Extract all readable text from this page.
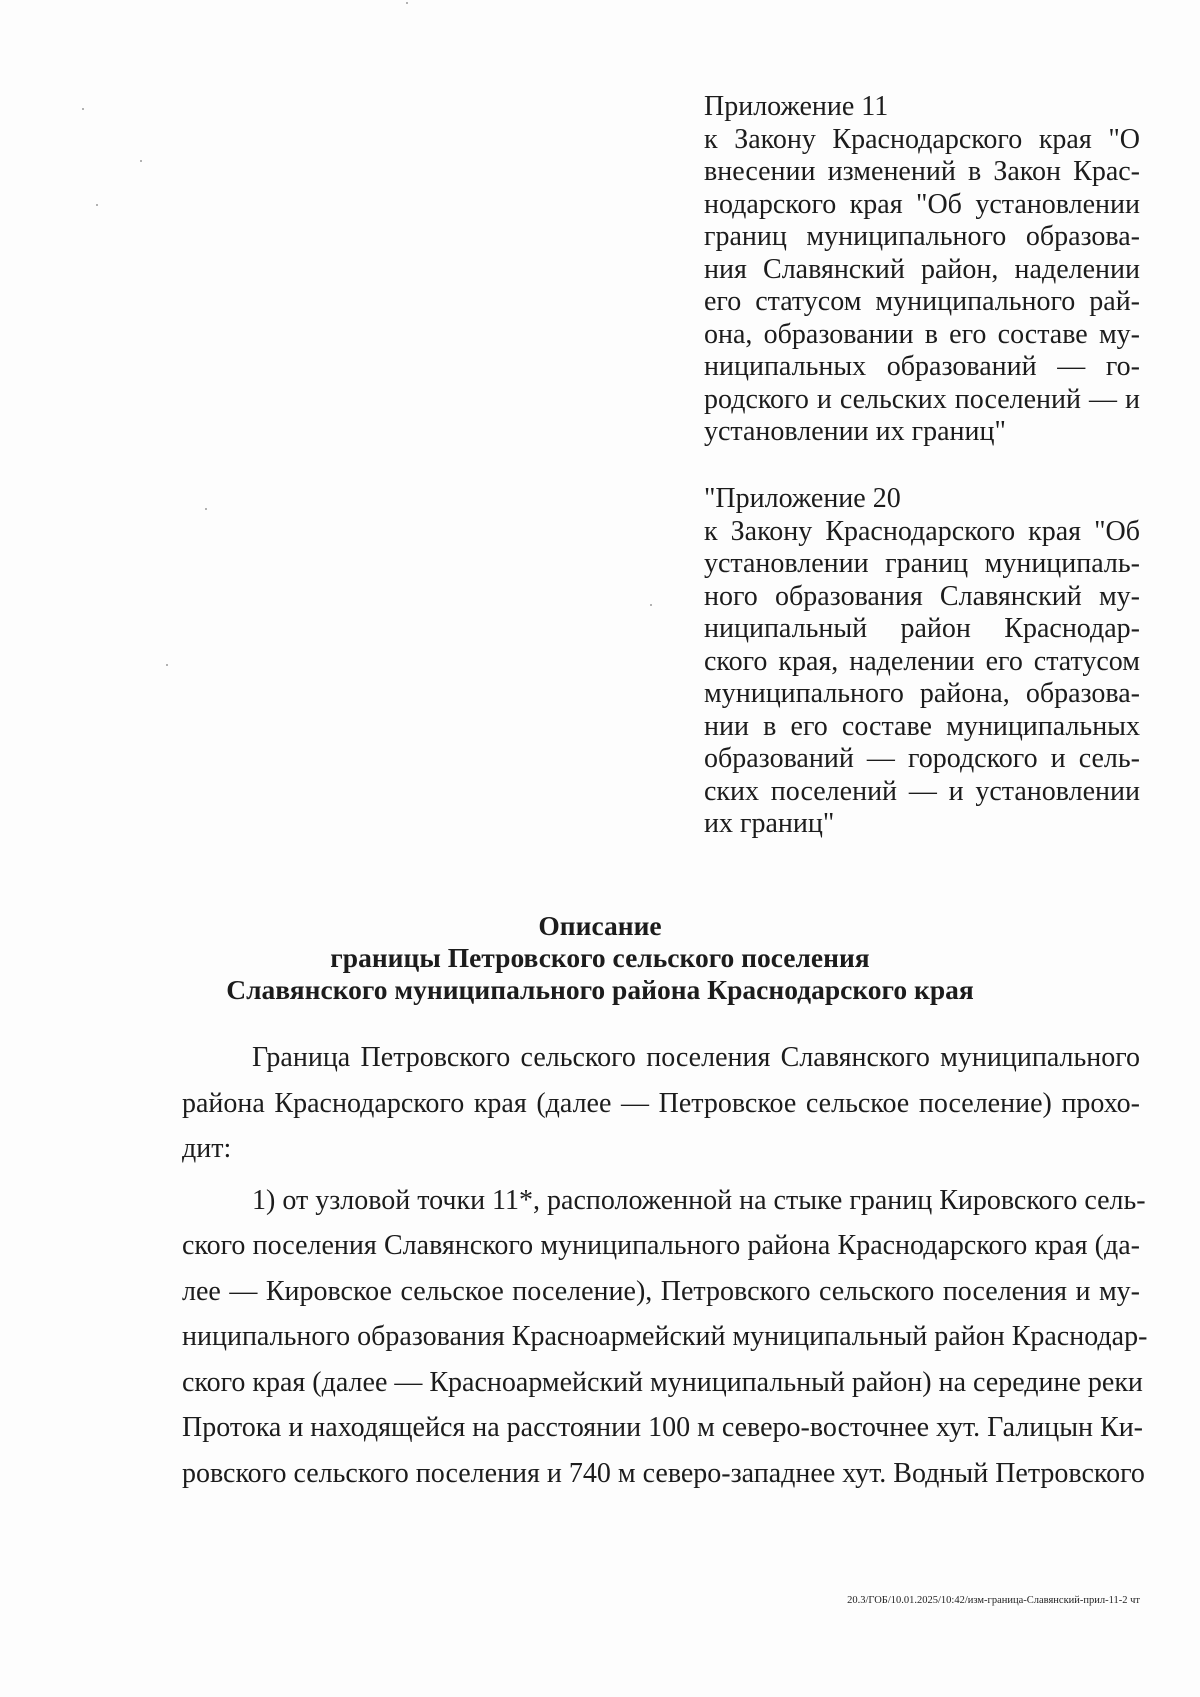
Приложение 11
к Закону Краснодарского края "О
внесении изменений в Закон Крас-
нодарского края "Об установлении
границ муниципального образова-
ния Славянский район, наделении
его статусом муниципального рай-
она, образовании в его составе му-
ниципальных образований — го-
родского и сельских поселений — и
установлении их границ"
"Приложение 20
к Закону Краснодарского края "Об
установлении границ муниципаль-
ного образования Славянский му-
ниципальный район Краснодар-
ского края, наделении его статусом
муниципального района, образова-
нии в его составе муниципальных
образований — городского и сель-
ских поселений — и установлении
их границ"
Описание
границы Петровского сельского поселения
Славянского муниципального района Краснодарского края
Граница Петровского сельского поселения Славянского муниципального
района Краснодарского края (далее — Петровское сельское поселение) прохо-
дит:
1) от узловой точки 11*, расположенной на стыке границ Кировского сель-
ского поселения Славянского муниципального района Краснодарского края (да-
лее — Кировское сельское поселение), Петровского сельского поселения и му-
ниципального образования Красноармейский муниципальный район Краснодар-
ского края (далее — Красноармейский муниципальный район) на середине реки
Протока и находящейся на расстоянии 100 м северо-восточнее хут. Галицын Ки-
ровского сельского поселения и 740 м северо-западнее хут. Водный Петровского
20.3/ГОБ/10.01.2025/10:42/изм-граница-Славянский-прил-11-2 чт
